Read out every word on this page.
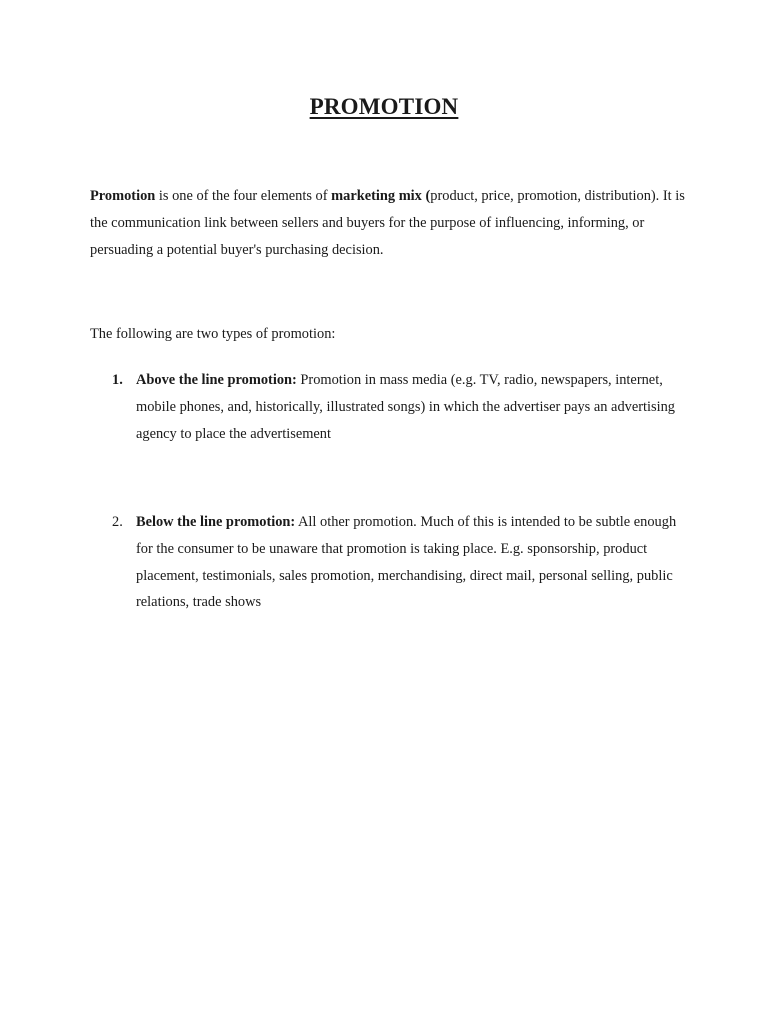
PROMOTION

Promotion is one of the four elements of marketing mix (product, price, promotion, distribution). It is the communication link between sellers and buyers for the purpose of influencing, informing, or persuading a potential buyer's purchasing decision.

The following are two types of promotion:

1. Above the line promotion: Promotion in mass media (e.g. TV, radio, newspapers, internet, mobile phones, and, historically, illustrated songs) in which the advertiser pays an advertising agency to place the advertisement
2. Below the line promotion: All other promotion. Much of this is intended to be subtle enough for the consumer to be unaware that promotion is taking place. E.g. sponsorship, product placement, testimonials, sales promotion, merchandising, direct mail, personal selling, public relations, trade shows
